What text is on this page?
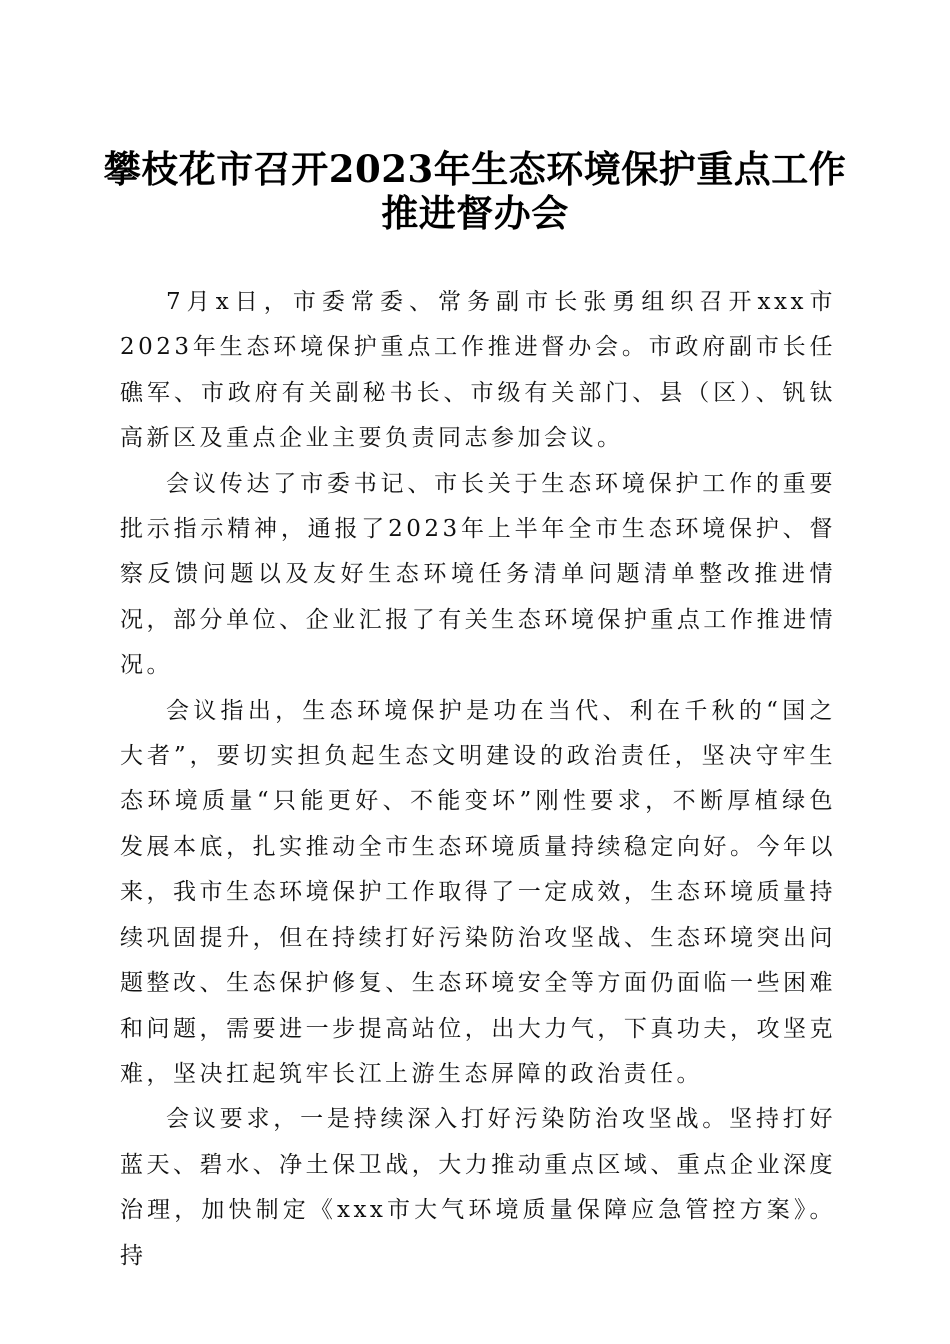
攀枝花市召开2023年生态环境保护重点工作
推进督办会

7月x日，市委常委、常务副市长张勇组织召开xxx市2023年生态环境保护重点工作推进督办会。市政府副市长任礁军、市政府有关副秘书长、市级有关部门、县（区）、钒钛高新区及重点企业主要负责同志参加会议。

会议传达了市委书记、市长关于生态环境保护工作的重要批示指示精神，通报了2023年上半年全市生态环境保护、督察反馈问题以及友好生态环境任务清单问题清单整改推进情况，部分单位、企业汇报了有关生态环境保护重点工作推进情况。

会议指出，生态环境保护是功在当代、利在千秋的“国之大者”，要切实担负起生态文明建设的政治责任，坚决守牢生态环境质量“只能更好、不能变坏”刚性要求，不断厚植绿色发展本底，扎实推动全市生态环境质量持续稳定向好。今年以来，我市生态环境保护工作取得了一定成效，生态环境质量持续巩固提升，但在持续打好污染防治攻坚战、生态环境突出问题整改、生态保护修复、生态环境安全等方面仍面临一些困难和问题，需要进一步提高站位，出大力气，下真功夫，攻坚克难，坚决扛起筑牢长江上游生态屏障的政治责任。

会议要求，一是持续深入打好污染防治攻坚战。坚持打好蓝天、碧水、净土保卫战，大力推动重点区域、重点企业深度治理，加快制定《xxx市大气环境质量保障应急管控方案》。持
